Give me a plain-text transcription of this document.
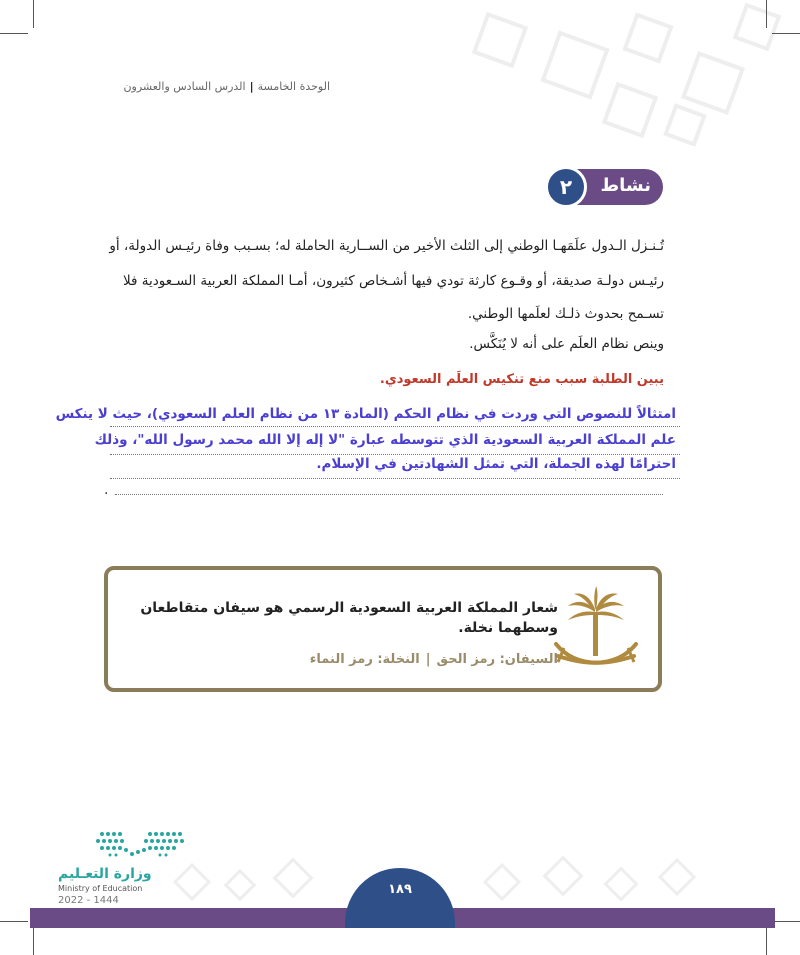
الوحدة الخامسة|الدرس السادس والعشرون
نشاط
٢
تُـنـزل الـدول علَمَهـا الوطني إلى الثلث الأخير من الســارية الحاملة له؛ بسـبب وفاة رئيـس الدولة، أو
رئيـس دولـة صديقة، أو وقـوع كارثة تودي فيها أشـخاص كثيرون، أمـا المملكة العربية السـعودية فلا
تسـمح بحدوث ذلـك لعلَمها الوطني.
وينص نظام العلَم على أنه لا يُنَكَّس.
يبين الطلبة سبب منع تنكيس العلَم السعودي.
امتثالاً للنصوص التي وردت في نظام الحكم (المادة ١٣ من نظام العلم السعودي)، حيث لا ينكس
علم المملكة العربية السعودية الذي تتوسطه عبارة "لا إله إلا الله محمد رسول الله"، وذلك
احترامًا لهذه الجملة، التي تمثل الشهادتين في الإسلام.
.
شعار المملكة العربية السعودية الرسمي هو سيفان متقاطعان وسطهما نخلة.
السيفان: رمز الحق|النخلة: رمز النماء
١٨٩
وزارة التعـليم
Ministry of Education
2022 - 1444
